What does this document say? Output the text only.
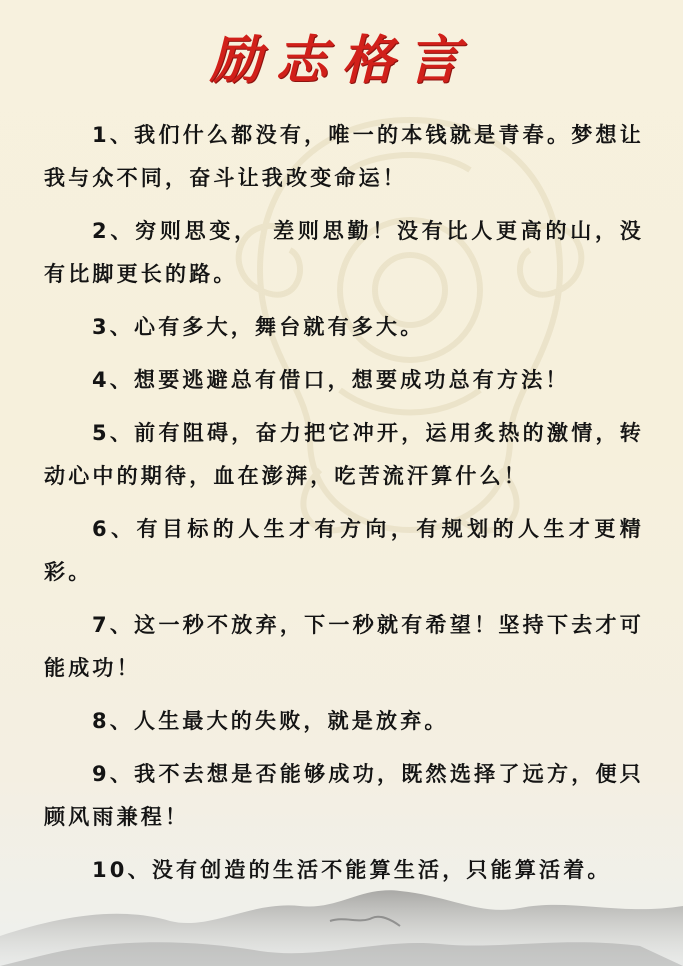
励志格言

1、我们什么都没有，唯一的本钱就是青春。梦想让我与众不同，奋斗让我改变命运！

2、穷则思变，　差则思勤！没有比人更高的山，没有比脚更长的路。

3、心有多大，舞台就有多大。

4、想要逃避总有借口，想要成功总有方法！

5、前有阻碍，奋力把它冲开，运用炙热的激情，转动心中的期待，血在澎湃，吃苦流汗算什么！

6、有目标的人生才有方向，有规划的人生才更精彩。

7、这一秒不放弃，下一秒就有希望！坚持下去才可能成功！

8、人生最大的失败，就是放弃。

9、我不去想是否能够成功，既然选择了远方，便只顾风雨兼程！

10、没有创造的生活不能算生活，只能算活着。
